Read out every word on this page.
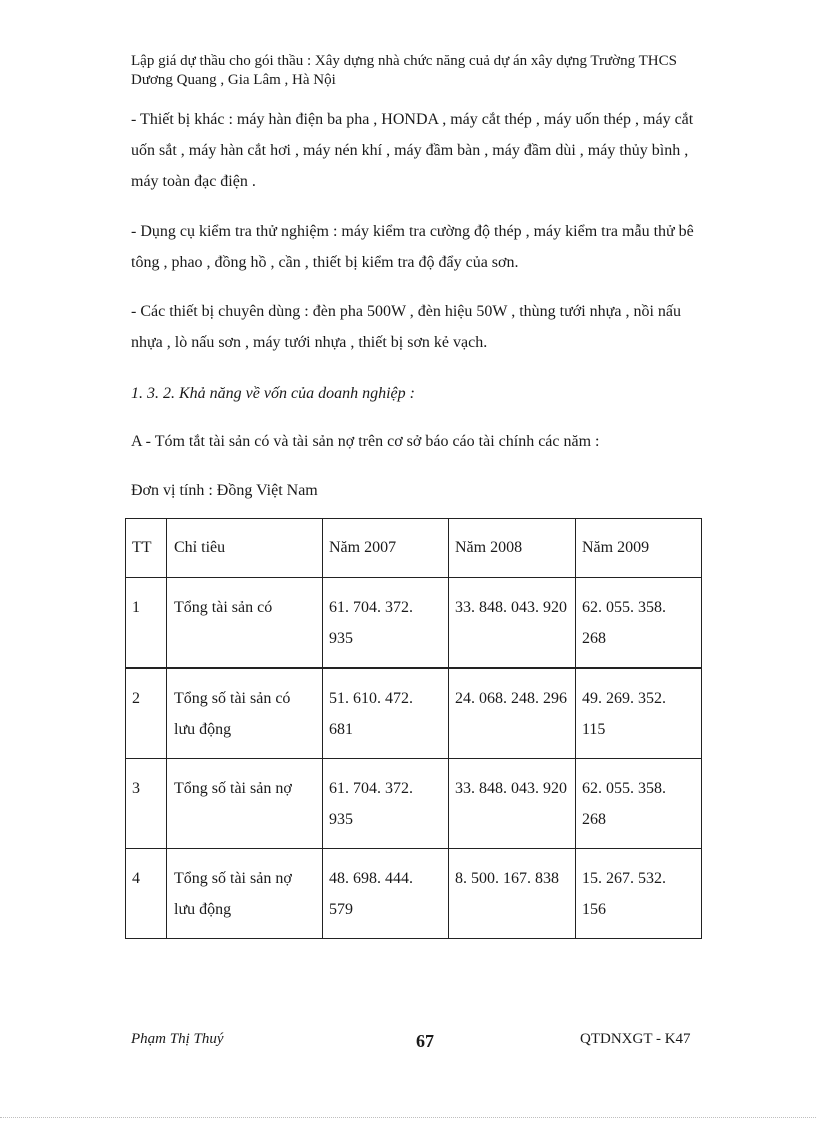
Lập giá dự thầu cho gói thầu : Xây dựng nhà chức năng cuả dự án xây dựng Trường THCS Dương Quang , Gia Lâm , Hà Nội
- Thiết bị khác : máy hàn điện ba pha , HONDA , máy cắt thép , máy uốn thép , máy cắt uốn sắt , máy hàn cắt hơi , máy nén khí , máy đầm bàn , máy đầm dùi , máy thủy bình , máy toàn đạc điện .
- Dụng cụ kiểm tra thử nghiệm : máy kiểm tra cường độ thép , máy kiểm tra mẫu thử bê tông , phao , đồng hồ , cần , thiết bị kiểm tra độ đẩy của sơn.
- Các thiết bị chuyên dùng : đèn pha 500W , đèn hiệu 50W , thùng tưới nhựa , nồi nấu nhựa , lò nấu sơn , máy tưới nhựa , thiết bị sơn kẻ vạch.
1. 3. 2. Khả năng về vốn của doanh nghiệp :
A - Tóm tắt tài sản có và tài sản nợ trên cơ sở báo cáo tài chính các năm :
Đơn vị tính : Đồng Việt Nam
TT	Chỉ tiêu	Năm 2007	Năm 2008	Năm 2009
1	Tổng tài sản có	61. 704. 372. 935	33. 848. 043. 920	62. 055. 358. 268
2	Tổng số tài sản có lưu động	51. 610. 472. 681	24. 068. 248. 296	49. 269. 352. 115
3	Tổng số tài sản nợ	61. 704. 372. 935	33. 848. 043. 920	62. 055. 358. 268
4	Tổng số tài sản nợ lưu động	48. 698. 444. 579	8. 500. 167. 838	15. 267. 532. 156
Phạm Thị Thuý	67	QTDNXGT - K47
